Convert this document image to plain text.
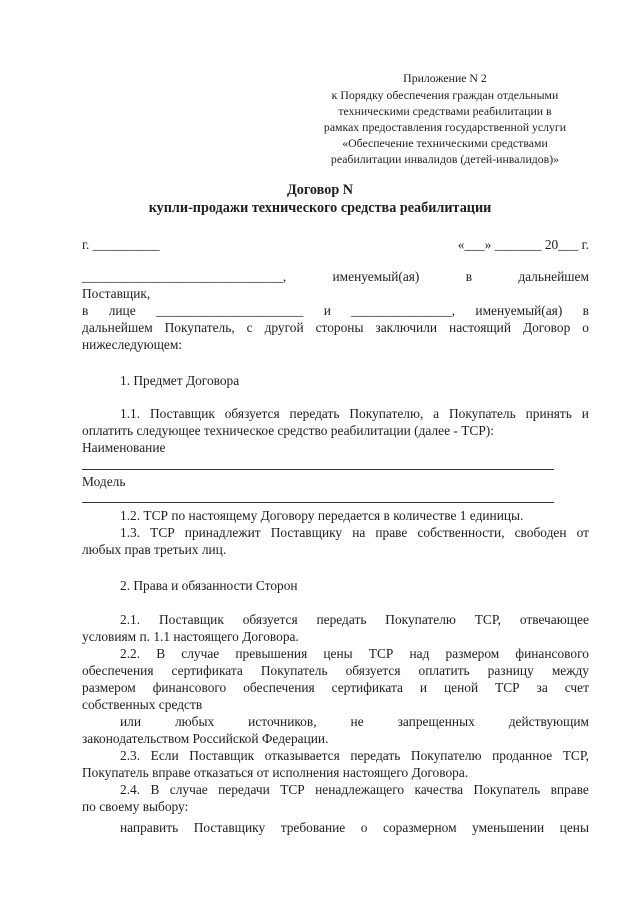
Приложение N 2
к Порядку обеспечения граждан отдельными
техническими средствами реабилитации в
рамках предоставления государственной услуги
«Обеспечение техническими средствами
реабилитации инвалидов (детей-инвалидов)»
Договор N
купли-продажи технического средства реабилитации
г. __________	«___» _______ 20___ г.
______________________________,	именуемый(ая)	в	дальнейшем
Поставщик,
в лице ______________________ и _______________, именуемый(ая) в
дальнейшем Покупатель, с другой стороны заключили настоящий Договор о
нижеследующем:
1. Предмет Договора
1.1. Поставщик обязуется передать Покупателю, а Покупатель принять и
оплатить следующее техническое средство реабилитации (далее - ТСР):
Наименование
Модель
1.2. ТСР по настоящему Договору передается в количестве 1 единицы.
1.3. ТСР принадлежит Поставщику на праве собственности, свободен от
любых прав третьих лиц.
2. Права и обязанности Сторон
2.1. Поставщик обязуется передать Покупателю ТСР, отвечающее
условиям п. 1.1 настоящего Договора.
2.2. В случае превышения цены ТСР над размером финансового
обеспечения сертификата Покупатель обязуется оплатить разницу между
размером финансового обеспечения сертификата и ценой ТСР за счет
собственных средств
или	любых	источников,	не	запрещенных	действующим
законодательством Российской Федерации.
2.3. Если Поставщик отказывается передать Покупателю проданное ТСР,
Покупатель вправе отказаться от исполнения настоящего Договора.
2.4. В случае передачи ТСР ненадлежащего качества Покупатель вправе
по своему выбору:
направить Поставщику требование о соразмерном уменьшении цены
